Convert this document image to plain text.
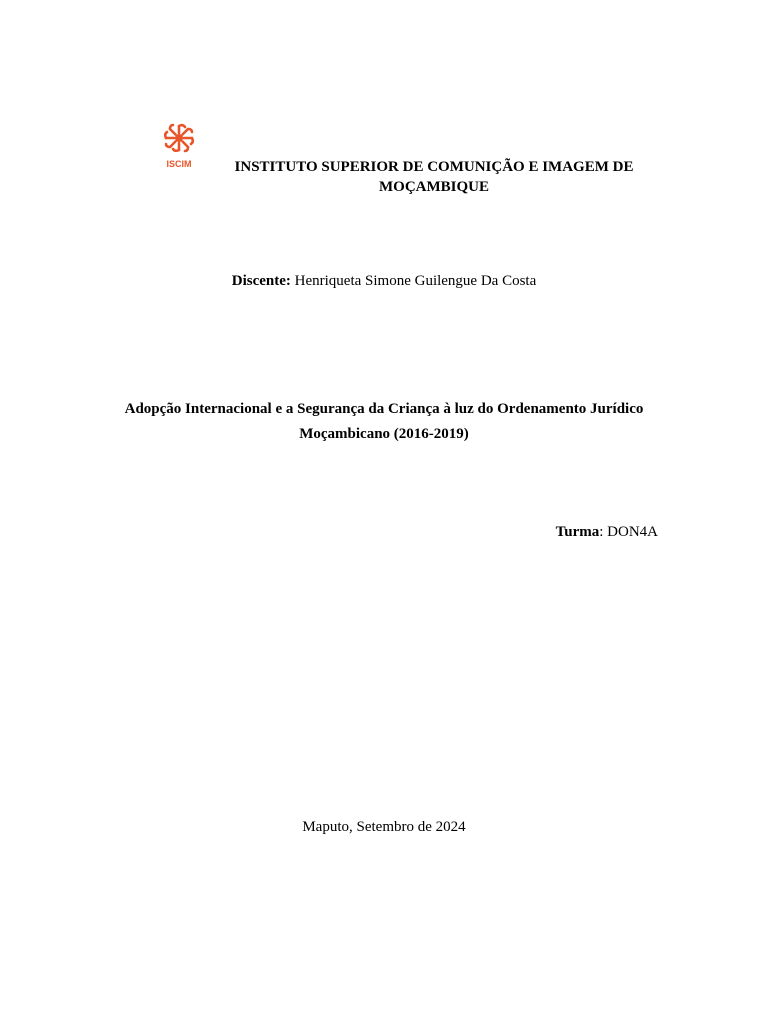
ISCIM	INSTITUTO SUPERIOR DE COMUNIÇÃO E IMAGEM DE
MOÇAMBIQUE
Discente: Henriqueta Simone Guilengue Da Costa
Adopção Internacional e a Segurança da Criança à luz do Ordenamento Jurídico
Moçambicano (2016-2019)
Turma: DON4A
Maputo, Setembro de 2024
